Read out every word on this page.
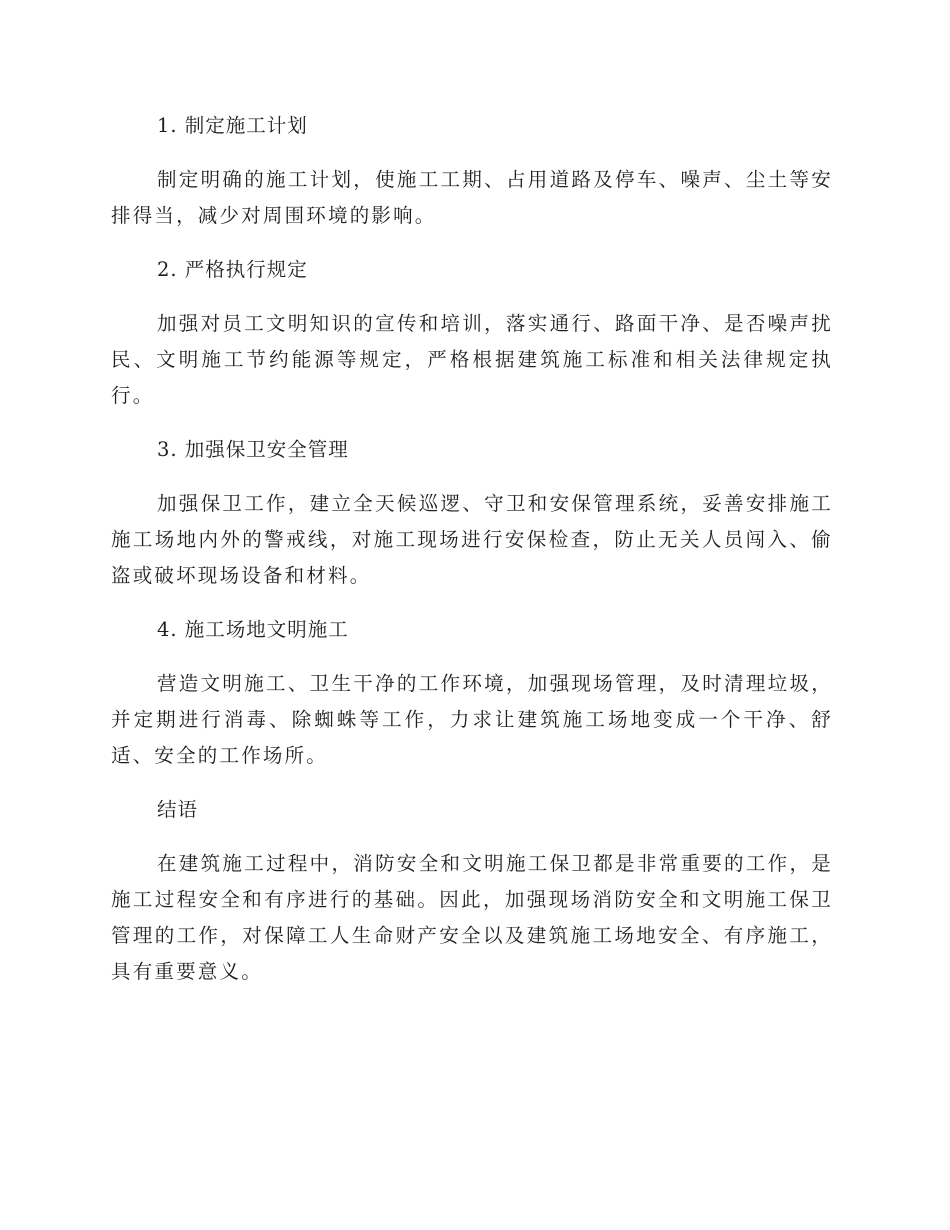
1. 制定施工计划

制定明确的施工计划，使施工工期、占用道路及停车、噪声、尘土等安排得当，减少对周围环境的影响。

2. 严格执行规定

加强对员工文明知识的宣传和培训，落实通行、路面干净、是否噪声扰民、文明施工节约能源等规定，严格根据建筑施工标准和相关法律规定执行。

3. 加强保卫安全管理

加强保卫工作，建立全天候巡逻、守卫和安保管理系统，妥善安排施工施工场地内外的警戒线，对施工现场进行安保检查，防止无关人员闯入、偷盗或破坏现场设备和材料。

4. 施工场地文明施工

营造文明施工、卫生干净的工作环境，加强现场管理，及时清理垃圾，并定期进行消毒、除蜘蛛等工作，力求让建筑施工场地变成一个干净、舒适、安全的工作场所。

结语

在建筑施工过程中，消防安全和文明施工保卫都是非常重要的工作，是施工过程安全和有序进行的基础。因此，加强现场消防安全和文明施工保卫管理的工作，对保障工人生命财产安全以及建筑施工场地安全、有序施工，具有重要意义。
